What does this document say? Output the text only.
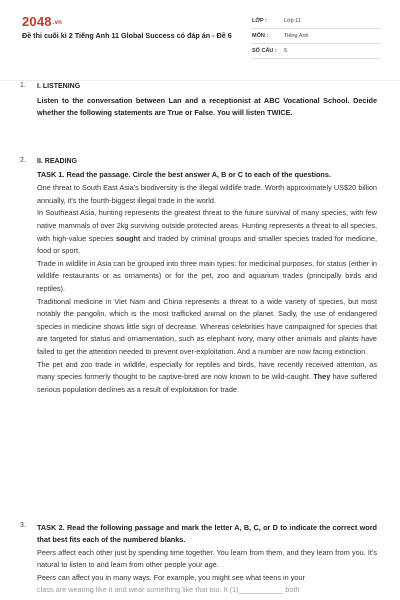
2048.vn
Đề thi cuối kì 2 Tiếng Anh 11 Global Success có đáp án - Đề 6
LỚP :	Lớp 11
MÔN :	Tiếng Anh
SỐ CÂU : 5
1. I. LISTENING
Listen to the conversation between Lan and a receptionist at ABC Vocational School. Decide whether the following statements are True or False. You will listen TWICE.
2. II. READING
TASK 1. Read the passage. Circle the best answer A, B or C to each of the questions.

One threat to South East Asia's biodiversity is the illegal wildlife trade. Worth approximately US$20 billion annually, it's the fourth-biggest illegal trade in the world.

In Southeast Asia, hunting represents the greatest threat to the future survival of many species, with few native mammals of over 2kg surviving outside protected areas. Hunting represents a threat to all species, with high-value species sought and traded by criminal groups and smaller species traded for medicine, food or sport.

Trade in wildlife in Asia can be grouped into three main types: for medicinal purposes, for status (either in wildlife restaurants or as ornaments) or for the pet, zoo and aquarium trades (principally birds and reptiles).

Traditional medicine in Viet Nam and China represents a threat to a wide variety of species, but most notably the pangolin, which is the most trafficked animal on the planet. Sadly, the use of endangered species in medicine shows little sign of decrease. Whereas celebrities have campaigned for species that are targeted for status and ornamentation, such as elephant ivory, many other animals and plants have failed to get the attention needed to prevent over-exploitation. And a number are now facing extinction.

The pet and zoo trade in wildlife, especially for reptiles and birds, have recently received attention, as many species formerly thought to be captive-bred are now known to be wild-caught. They have suffered serious population declines as a result of exploitation for trade.

3. TASK 2. Read the following passage and mark the letter A, B, C, or D to indicate the correct word that best fits each of the numbered blanks.

Peers affect each other just by spending time together. You learn from them, and they learn from you. It's natural to listen to and learn from other people your age.

Peers can affect you in many ways. For example, you might see what teens in your

class are wearing like it and wear something like that too. It (1)___________ both
